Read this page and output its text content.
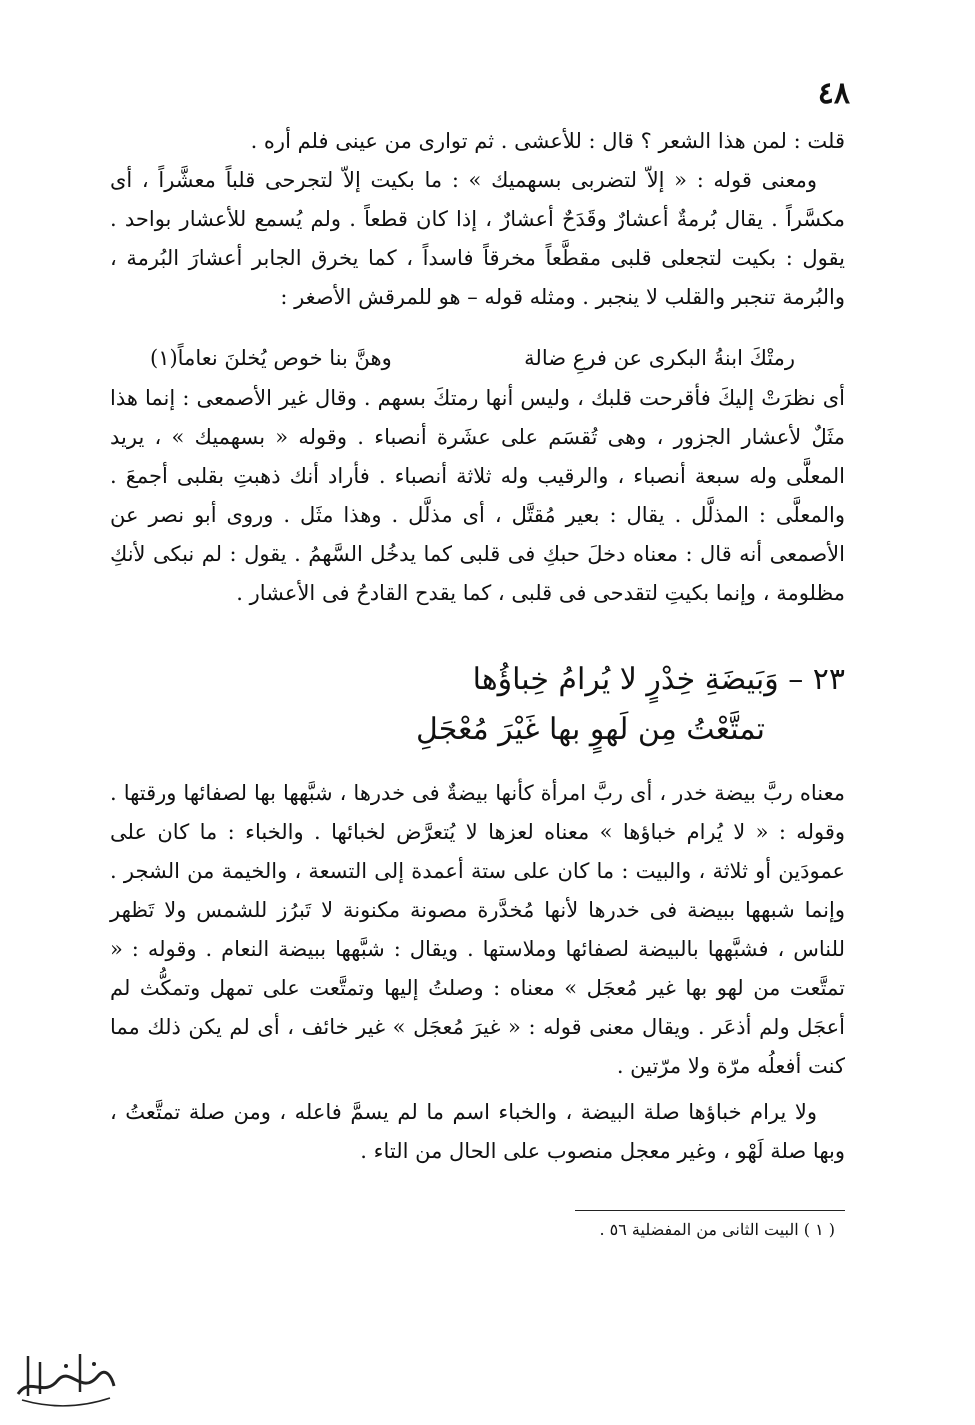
٤٨

قلت : لمن هذا الشعر ؟ قال : للأعشى . ثم توارى من عينى فلم أره .

ومعنى قوله : « إلاّ لتضربى بسهميك » : ما بكيت إلاّ لتجرحى قلباً معشَّراً ، أى مكسَّراً . يقال بُرمةٌ أعشارٌ وقَدَحٌ أعشارٌ ، إذا كان قطعاً . ولم يُسمع للأعشار بواحد . يقول : بكيت لتجعلى قلبى مقطَّعاً مخرقاً فاسداً ، كما يخرق الجابر أعشارَ البُرمة ، والبُرمة تنجبر والقلب لا ينجبر . ومثله قوله – هو للمرقش الأصغر :

رمتْكَ ابنةُ البكرى عن فرعِ ضالة
وهنَّ بنا خوص يُخلنَ نعاماً(١)

أى نظرَتْ إليكَ فأقرحت قلبك ، وليس أنها رمتكَ بسهم . وقال غير الأصمعى : إنما هذا مثَلٌ لأعشار الجزور ، وهى تُقسَم على عشَرة أنصباء . وقوله « بسهميك » ، يريد المعلَّى وله سبعة أنصباء ، والرقيب وله ثلاثة أنصباء . فأراد أنك ذهبتِ بقلبى أجمعَ . والمعلَّى : المذلَّل . يقال : بعير مُقتَّل ، أى مذلَّل . وهذا مثَل . وروى أبو نصر عن الأصمعى أنه قال : معناه دخلَ حبكِ فى قلبى كما يدخُل السَّهمُ . يقول : لم نبكى لأنكِ مظلومة ، وإنما بكيتِ لتقدحى فى قلبى ، كما يقدح القادحُ فى الأعشار .

٢٣ – وَبَيضَةِ خِدْرٍ لا يُرامُ خِباؤُها
تمتَّعْتُ مِن لَهوٍ بها غَيْرَ مُعْجَلِ

معناه ربَّ بيضة خدر ، أى ربَّ امرأة كأنها بيضةٌ فى خدرها ، شبَّهها بها لصفائها ورقتها . وقوله : « لا يُرام خباؤها » معناه لعزها لا يُتعرَّض لخبائها . والخباء : ما كان على عمودَين أو ثلاثة ، والبيت : ما كان على ستة أعمدة إلى التسعة ، والخيمة من الشجر . وإنما شبهها ببيضة فى خدرها لأنها مُخدَّرة مصونة مكنونة لا تَبرُز للشمس ولا تَظهر للناس ، فشبَّهها بالبيضة لصفائها وملاستها . ويقال : شبَّهها ببيضة النعام . وقوله : « تمتَّعت من لهو بها غير مُعجَل » معناه : وصلتُ إليها وتمتَّعت على تمهل وتمكُّث لم أعجَل ولم أذعَر . ويقال معنى قوله : « غيرَ مُعجَل » غير خائف ، أى لم يكن ذلك مما كنت أفعلُه مرّة ولا مرّتين .

ولا يرام خباؤها صلة البيضة ، والخباء اسم ما لم يسمَّ فاعله ، ومن صلة تمتَّعتُ ، وبها صلة لَهْو ، وغير معجل منصوب على الحال من التاء .

( ١ ) البيت الثانى من المفضلية ٥٦ .
